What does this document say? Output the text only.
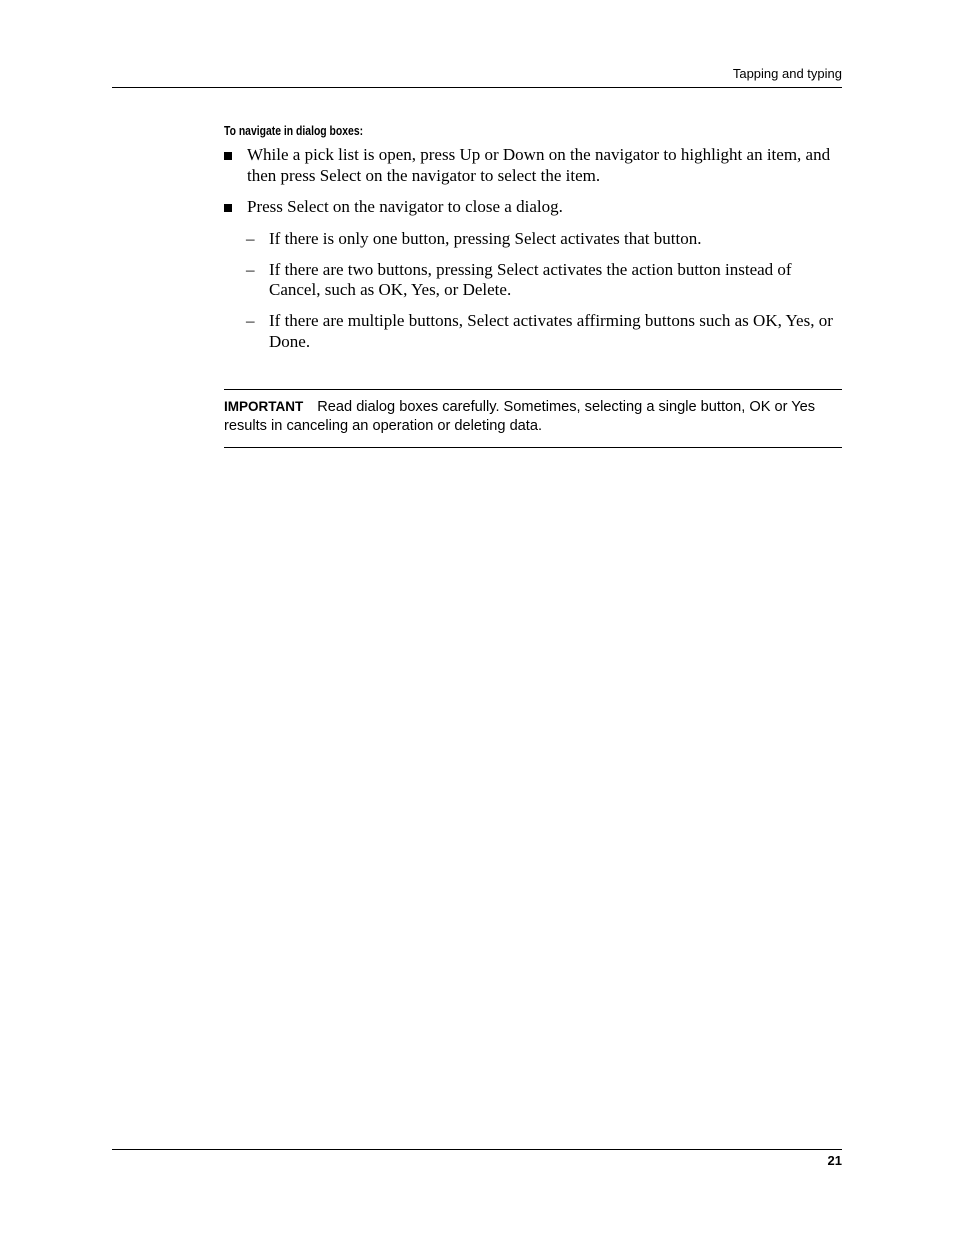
Tapping and typing
To navigate in dialog boxes:
While a pick list is open, press Up or Down on the navigator to highlight an item, and then press Select on the navigator to select the item.
Press Select on the navigator to close a dialog.
– If there is only one button, pressing Select activates that button.
– If there are two buttons, pressing Select activates the action button instead of Cancel, such as OK, Yes, or Delete.
– If there are multiple buttons, Select activates affirming buttons such as OK, Yes, or Done.
IMPORTANT Read dialog boxes carefully. Sometimes, selecting a single button, OK or Yes results in canceling an operation or deleting data.
21
